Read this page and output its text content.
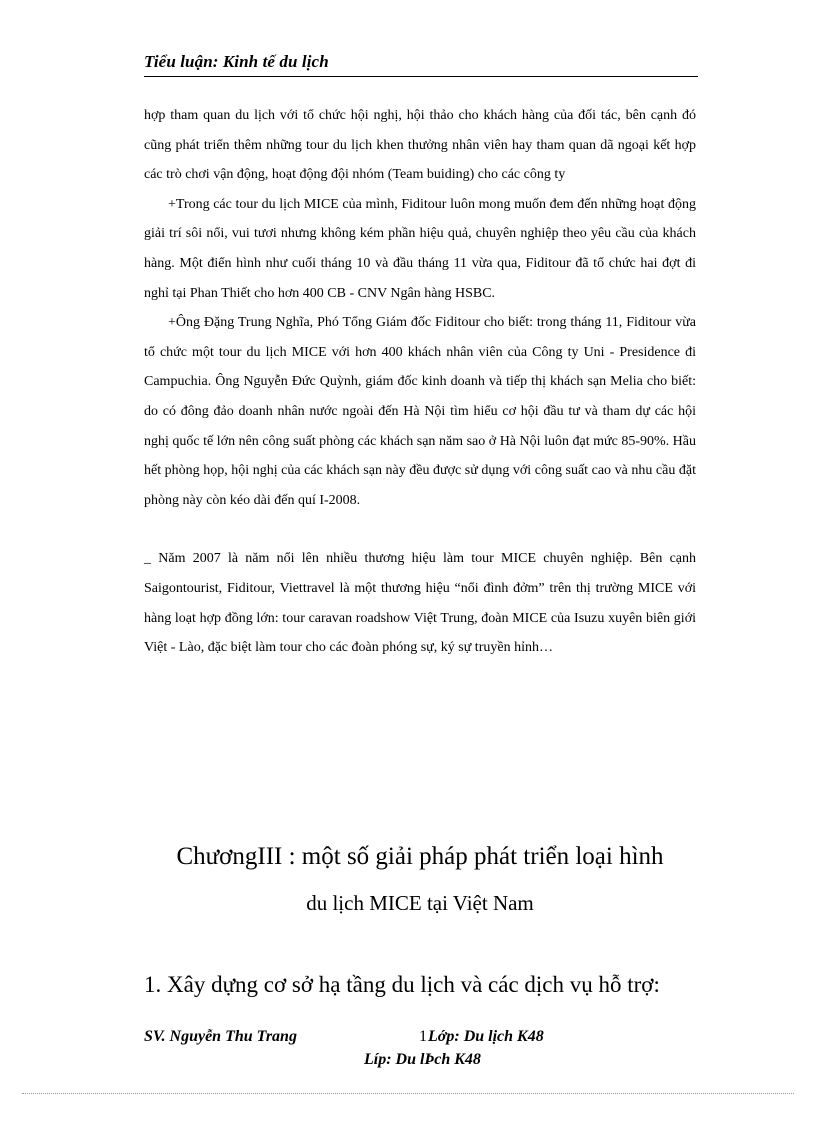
Tiểu luận: Kinh tế du lịch

hợp tham quan du lịch với tổ chức hội nghị, hội thảo cho khách hàng của đối tác, bên cạnh đó cũng phát triển thêm những tour du lịch khen thưởng nhân viên hay tham quan dã ngoại kết hợp các trò chơi vận động, hoạt động đội nhóm (Team buiding) cho các công ty

+Trong các tour du lịch MICE của mình, Fiditour luôn mong muốn đem đến những hoạt động giải trí sôi nổi, vui tươi nhưng không kém phần hiệu quả, chuyên nghiệp theo yêu cầu của khách hàng. Một điển hình như cuối tháng 10 và đầu tháng 11 vừa qua, Fiditour đã tổ chức hai đợt đi nghỉ tại Phan Thiết cho hơn 400 CB - CNV Ngân hàng HSBC.

+Ông Đặng Trung Nghĩa, Phó Tổng Giám đốc Fiditour cho biết: trong tháng 11, Fiditour vừa tổ chức một tour du lịch MICE với hơn 400 khách nhân viên của Công ty Uni - Presidence đi Campuchia. Ông Nguyễn Đức Quỳnh, giám đốc kinh doanh và tiếp thị khách sạn Melia cho biết: do có đông đảo doanh nhân nước ngoài đến Hà Nội tìm hiểu cơ hội đầu tư và tham dự các hội nghị quốc tế lớn nên công suất phòng các khách sạn năm sao ở Hà Nội luôn đạt mức 85-90%. Hầu hết phòng họp, hội nghị của các khách sạn này đều được sử dụng với công suất cao và nhu cầu đặt phòng này còn kéo dài đến quí I-2008.

_ Năm 2007 là năm nổi lên nhiều thương hiệu làm tour MICE chuyên nghiệp. Bên cạnh Saigontourist, Fiditour, Viettravel là một thương hiệu “nổi đình đởm” trên thị trường MICE với hàng loạt hợp đồng lớn: tour caravan roadshow Việt Trung, đoàn MICE của Isuzu xuyên biên giới Việt - Lào, đặc biệt làm tour cho các đoàn phóng sự, ký sự truyền hỉnh…

ChươngIII : một số giải pháp phát triển loại hình
du lịch MICE tại Việt Nam
1. Xây dựng cơ sở hạ tầng du lịch và các dịch vụ hỗ trợ:
SV. Nguyễn Thu Trang	1 Lớp: Du lịch K48
Líp: Du lÞch K48
